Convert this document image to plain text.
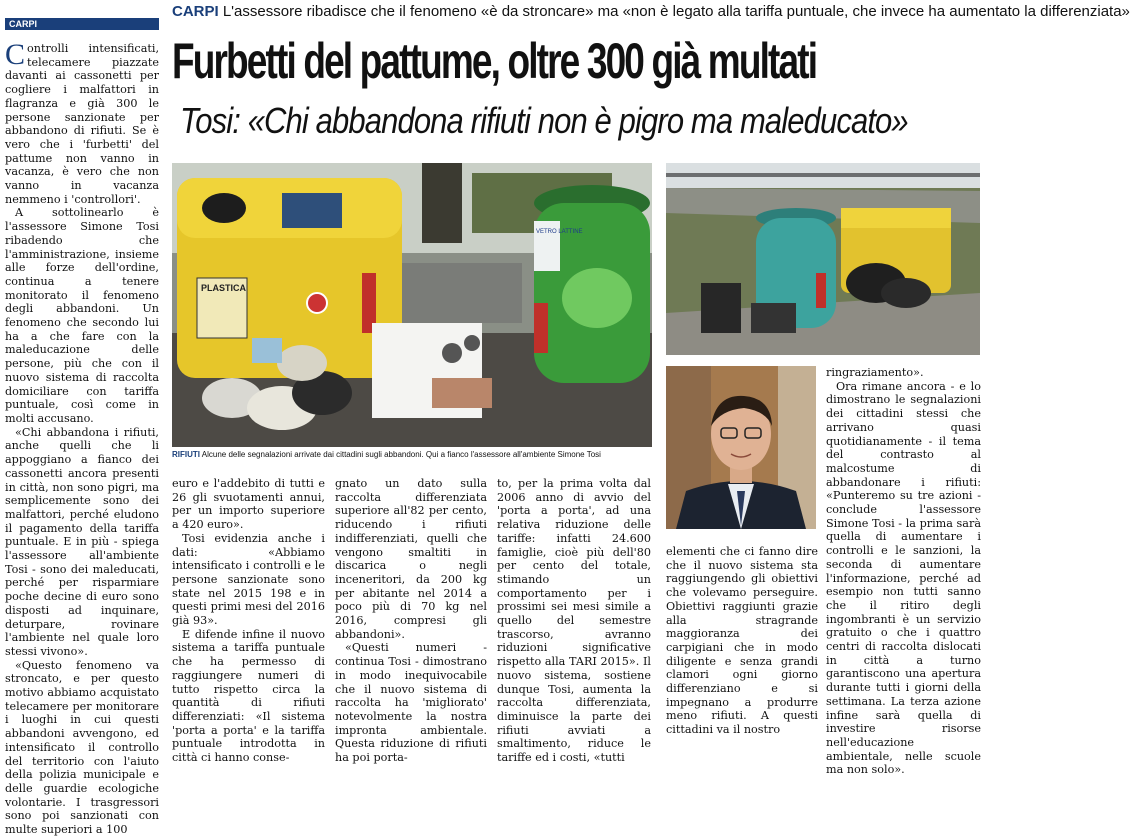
CARPI
CARPI L'assessore ribadisce che il fenomeno «è da stroncare» ma «non è legato alla tariffa puntuale, che invece ha aumentato la differenziata»
Furbetti del pattume, oltre 300 già multati
Tosi: «Chi abbandona rifiuti non è pigro ma maleducato»

Controlli intensificati, telecamere piazzate davanti ai cassonetti per cogliere i malfattori in flagranza e già 300 le persone sanzionate per abbandono di rifiuti. Se è vero che i 'furbetti' del pattume non vanno in vacanza, è vero che non vanno in vacanza nemmeno i 'controllori'.

A sottolinearlo è l'assessore Simone Tosi ribadendo che l'amministrazione, insieme alle forze dell'ordine, continua a tenere monitorato il fenomeno degli abbandoni. Un fenomeno che secondo lui ha a che fare con la maleducazione delle persone, più che con il nuovo sistema di raccolta domiciliare con tariffa puntuale, così come in molti accusano.

«Chi abbandona i rifiuti, anche quelli che li appoggiano a fianco dei cassonetti ancora presenti in città, non sono pigri, ma semplicemente sono dei malfattori, perché eludono il pagamento della tariffa puntuale. E in più - spiega l'assessore all'ambiente Tosi - sono dei maleducati, perché per risparmiare poche decine di euro sono disposti ad inquinare, deturpare, rovinare l'ambiente nel quale loro stessi vivono».

«Questo fenomeno va stroncato, e per questo motivo abbiamo acquistato telecamere per monitorare i luoghi in cui questi abbandoni avvengono, ed intensificato il controllo del territorio con l'aiuto della polizia municipale e delle guardie ecologiche volontarie. I trasgressori sono poi sanzionati con multe superiori a 100

PLASTICA
VETRO LATTINE
RIFIUTI Alcune delle segnalazioni arrivate dai cittadini sugli abbandoni. Qui a fianco l'assessore all'ambiente Simone Tosi

euro e l'addebito di tutti e 26 gli svuotamenti annui, per un importo superiore a 420 euro».

Tosi evidenzia anche i dati: «Abbiamo intensificato i controlli e le persone sanzionate sono state nel 2015 198 e in questi primi mesi del 2016 già 93».

E difende infine il nuovo sistema a tariffa puntuale che ha permesso di raggiungere numeri di tutto rispetto circa la quantità di rifiuti differenziati: «Il sistema 'porta a porta' e la tariffa puntuale introdotta in città ci hanno conse-

gnato un dato sulla raccolta differenziata superiore all'82 per cento, riducendo i rifiuti indifferenziati, quelli che vengono smaltiti in discarica o negli inceneritori, da 200 kg per abitante nel 2014 a poco più di 70 kg nel 2016, compresi gli abbandoni».

«Questi numeri - continua Tosi - dimostrano in modo inequivocabile che il nuovo sistema di raccolta ha 'migliorato' notevolmente la nostra impronta ambientale. Questa riduzione di rifiuti ha poi porta-

to, per la prima volta dal 2006 anno di avvio del 'porta a porta', ad una relativa riduzione delle tariffe: infatti 24.600 famiglie, cioè più dell'80 per cento del totale, stimando un comportamento per i prossimi sei mesi simile a quello del semestre trascorso, avranno riduzioni significative rispetto alla TARI 2015». Il nuovo sistema, sostiene dunque Tosi, aumenta la raccolta differenziata, diminuisce la parte dei rifiuti avviati a smaltimento, riduce le tariffe ed i costi, «tutti

elementi che ci fanno dire che il nuovo sistema sta raggiungendo gli obiettivi che volevamo perseguire. Obiettivi raggiunti grazie alla stragrande maggioranza dei carpigiani che in modo diligente e senza grandi clamori ogni giorno differenziano e si impegnano a produrre meno rifiuti. A questi cittadini va il nostro

ringraziamento».

Ora rimane ancora - e lo dimostrano le segnalazioni dei cittadini stessi che arrivano quasi quotidianamente - il tema del contrasto al malcostume di abbandonare i rifiuti: «Punteremo su tre azioni - conclude l'assessore Simone Tosi - la prima sarà quella di aumentare i controlli e le sanzioni, la seconda di aumentare l'informazione, perché ad esempio non tutti sanno che il ritiro degli ingombranti è un servizio gratuito o che i quattro centri di raccolta dislocati in città a turno garantiscono una apertura durante tutti i giorni della settimana. La terza azione infine sarà quella di investire risorse nell'educazione ambientale, nelle scuole ma non solo».
